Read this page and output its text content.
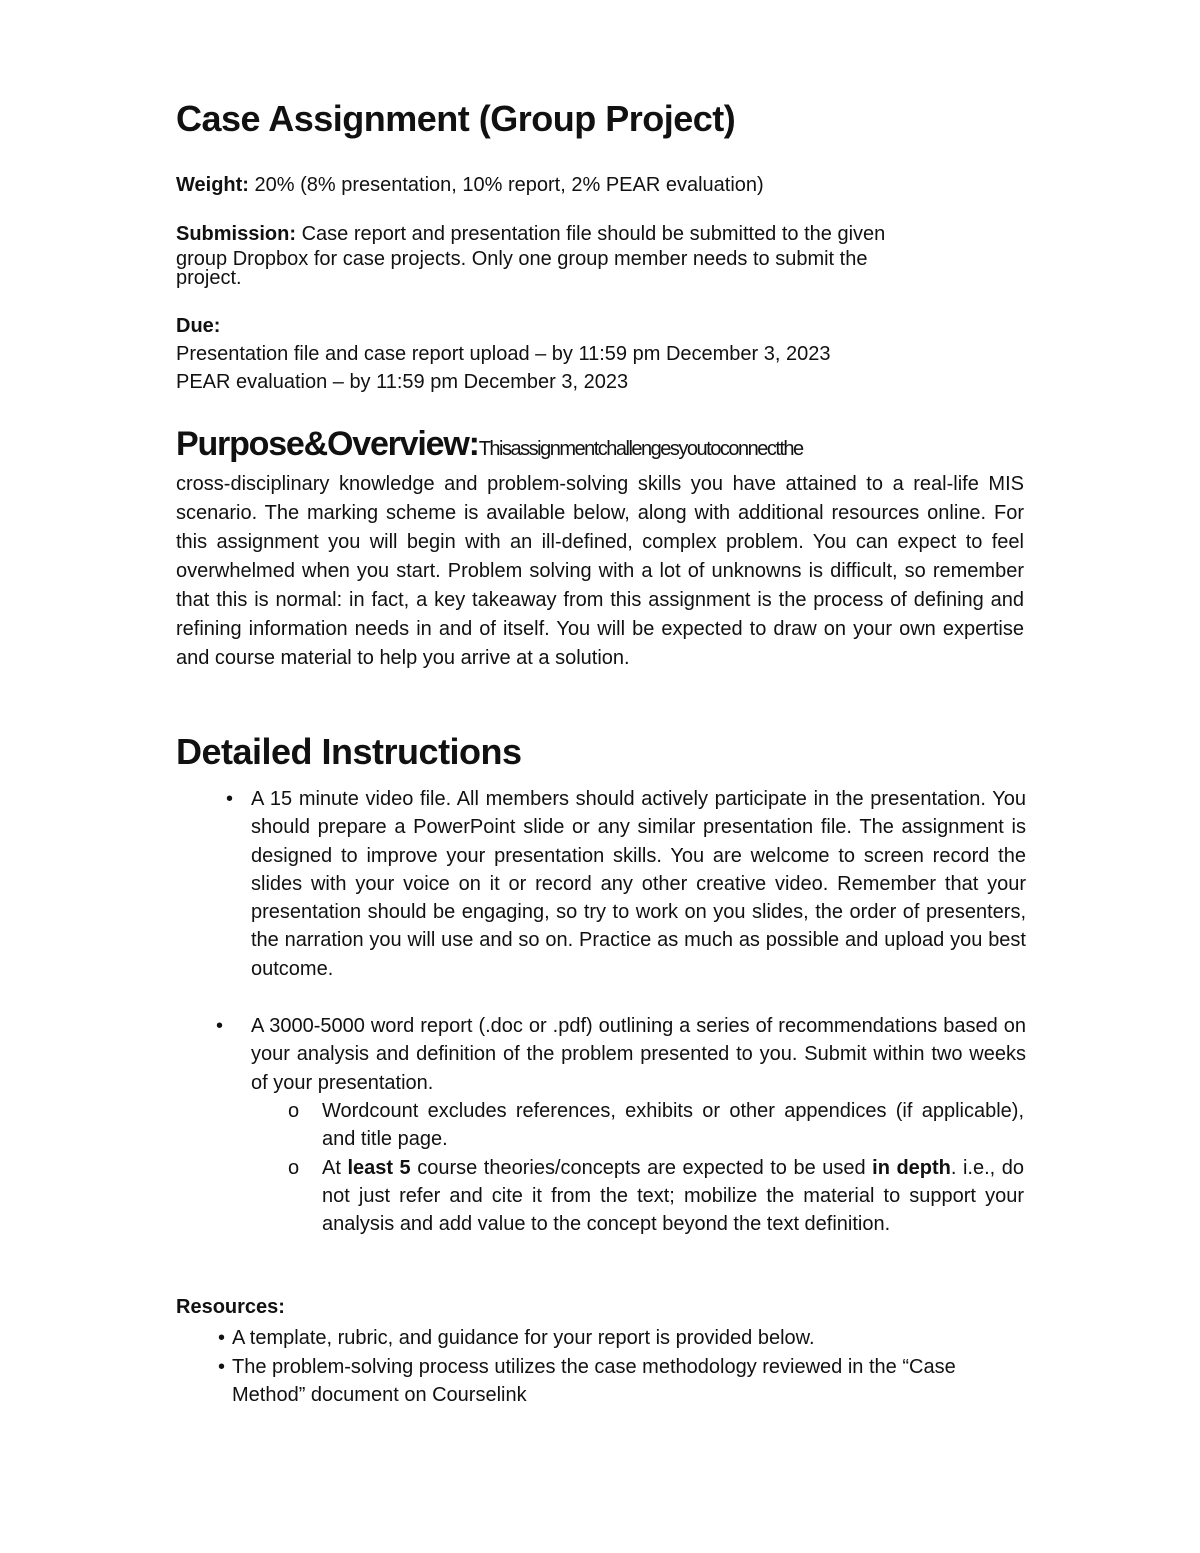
Case Assignment (Group Project)
Weight: 20% (8% presentation, 10% report, 2% PEAR evaluation)
Submission: Case report and presentation file should be submitted to the given
group Dropbox for case projects. Only one group member needs to submit the
project.
Due:
Presentation file and case report upload – by 11:59 pm December 3, 2023
PEAR evaluation – by 11:59 pm December 3, 2023
Purpose&Overview:Thisassignmentchallengesyoutoconnectthe
cross-disciplinary knowledge and problem-solving skills you have attained to a real-life MIS scenario. The marking scheme is available below, along with additional resources online. For this assignment you will begin with an ill-defined, complex problem. You can expect to feel overwhelmed when you start. Problem solving with a lot of unknowns is difficult, so remember that this is normal: in fact, a key takeaway from this assignment is the process of defining and refining information needs in and of itself. You will be expected to draw on your own expertise and course material to help you arrive at a solution.
Detailed Instructions
• A 15 minute video file. All members should actively participate in the presentation. You should prepare a PowerPoint slide or any similar presentation file. The assignment is designed to improve your presentation skills. You are welcome to screen record the slides with your voice on it or record any other creative video. Remember that your presentation should be engaging, so try to work on you slides, the order of presenters, the narration you will use and so on. Practice as much as possible and upload you best outcome.
• A 3000-5000 word report (.doc or .pdf) outlining a series of recommendations based on your analysis and definition of the problem presented to you. Submit within two weeks of your presentation.
o Wordcount excludes references, exhibits or other appendices (if applicable), and title page.
o At least 5 course theories/concepts are expected to be used in depth. i.e., do not just refer and cite it from the text; mobilize the material to support your analysis and add value to the concept beyond the text definition.
Resources:
• A template, rubric, and guidance for your report is provided below.
• The problem-solving process utilizes the case methodology reviewed in the “Case Method” document on Courselink
